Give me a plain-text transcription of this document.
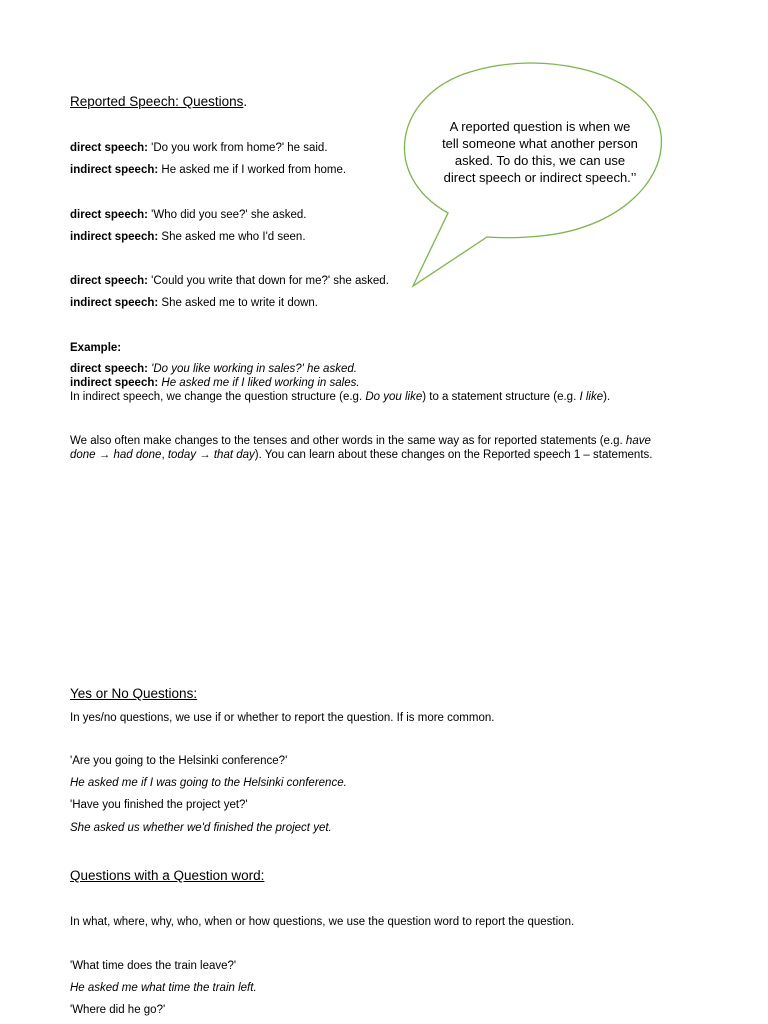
Reported Speech: Questions.
A reported question is when we tell someone what another person asked. To do this, we can use direct speech or indirect speech.’’
direct speech: 'Do you work from home?' he said.
indirect speech: He asked me if I worked from home.
direct speech: 'Who did you see?' she asked.
indirect speech: She asked me who I'd seen.
direct speech: 'Could you write that down for me?' she asked.
indirect speech: She asked me to write it down.
Example:
direct speech: 'Do you like working in sales?' he asked.
indirect speech: He asked me if I liked working in sales.
In indirect speech, we change the question structure (e.g. Do you like) to a statement structure (e.g. I like).
We also often make changes to the tenses and other words in the same way as for reported statements (e.g. have
done → had done, today → that day). You can learn about these changes on the Reported speech 1 – statements.
Yes or No Questions:
In yes/no questions, we use if or whether to report the question. If is more common.
'Are you going to the Helsinki conference?'
He asked me if I was going to the Helsinki conference.
'Have you finished the project yet?'
She asked us whether we'd finished the project yet.
Questions with a Question word:
In what, where, why, who, when or how questions, we use the question word to report the question.
'What time does the train leave?'
He asked me what time the train left.
'Where did he go?'
